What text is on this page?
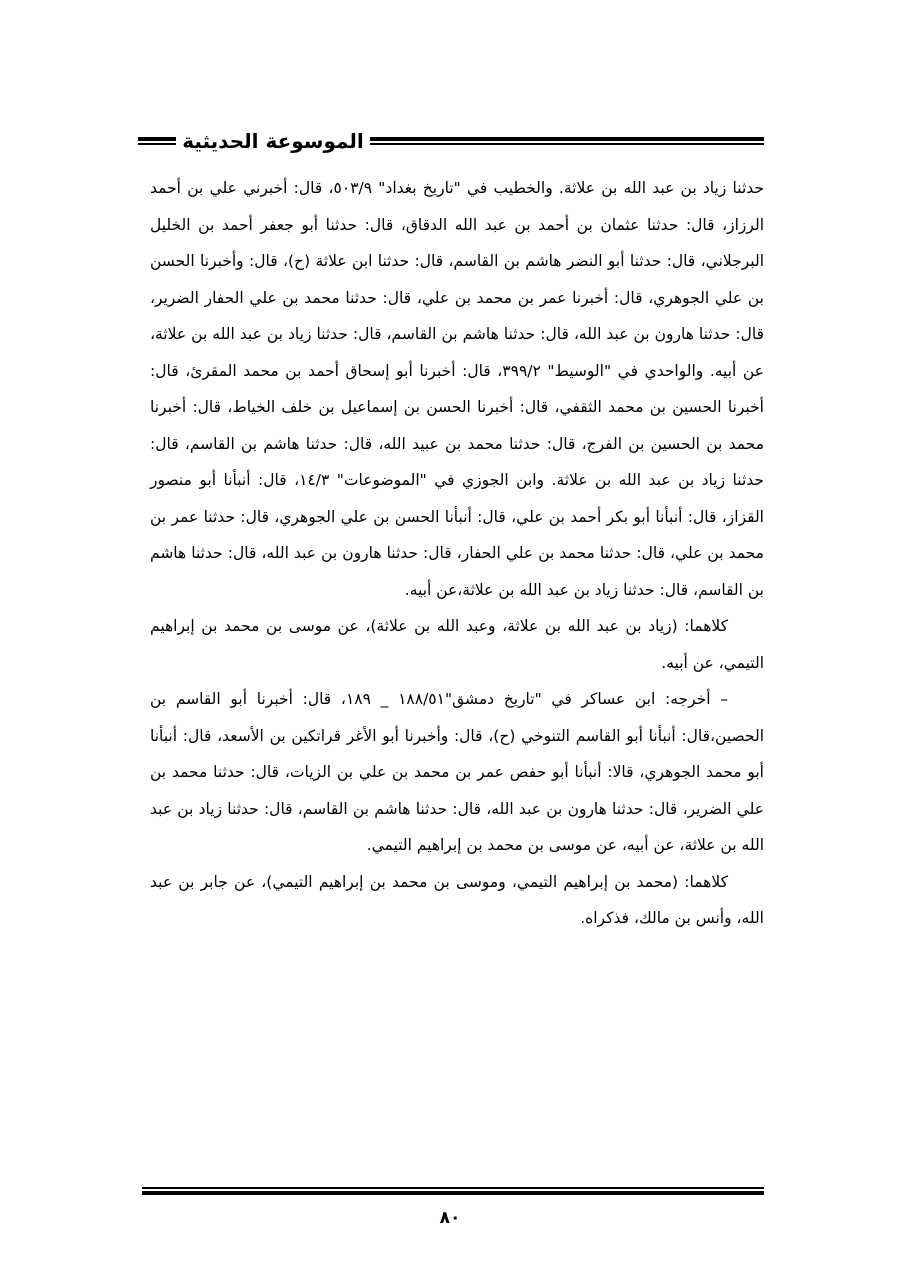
الموسوعة الحديثية

حدثنا زياد بن عبد الله بن علاثة. والخطيب في "تاريخ بغداد" ٥٠٣/٩، قال: أخبرني علي بن أحمد الرزاز، قال: حدثنا عثمان بن أحمد بن عبد الله الدقاق، قال: حدثنا أبو جعفر أحمد بن الخليل البرجلاني، قال: حدثنا أبو النضر هاشم بن القاسم، قال: حدثنا ابن علاثة (ح)، قال: وأخبرنا الحسن بن علي الجوهري، قال: أخبرنا عمر بن محمد بن علي، قال: حدثنا محمد بن علي الحفار الضرير، قال: حدثنا هارون بن عبد الله، قال: حدثنا هاشم بن القاسم، قال: حدثنا زياد بن عبد الله بن علاثة، عن أبيه. والواحدي في "الوسيط" ٣٩٩/٢، قال: أخبرنا أبو إسحاق أحمد بن محمد المقرئ، قال: أخبرنا الحسين بن محمد الثقفي، قال: أخبرنا الحسن بن إسماعيل بن خلف الخياط، قال: أخبرنا محمد بن الحسين بن الفرج، قال: حدثنا محمد بن عبيد الله، قال: حدثنا هاشم بن القاسم، قال: حدثنا زياد بن عبد الله بن علاثة. وابن الجوزي في "الموضوعات" ١٤/٣، قال: أنبأنا أبو منصور القزاز، قال: أنبأنا أبو بكر أحمد بن علي، قال: أنبأنا الحسن بن علي الجوهري، قال: حدثنا عمر بن محمد بن علي، قال: حدثنا محمد بن علي الحفار، قال: حدثنا هارون بن عبد الله، قال: حدثنا هاشم بن القاسم، قال: حدثنا زياد بن عبد الله بن علاثة،عن أبيه.

كلاهما: (زياد بن عبد الله بن علاثة، وعبد الله بن علاثة)، عن موسى بن محمد بن إبراهيم التيمي، عن أبيه.

– أخرجه: ابن عساكر في "تاريخ دمشق"١٨٨/٥١ _ ١٨٩، قال: أخبرنا أبو القاسم بن الحصين،قال: أنبأنا أبو القاسم التنوخي (ح)، قال: وأخبرنا أبو الأغر قراتكين بن الأسعد، قال: أنبأنا أبو محمد الجوهري، قالا: أنبأنا أبو حفص عمر بن محمد بن علي بن الزيات، قال: حدثنا محمد بن علي الضرير، قال: حدثنا هارون بن عبد الله، قال: حدثنا هاشم بن القاسم، قال: حدثنا زياد بن عبد الله بن علاثة، عن أبيه، عن موسى بن محمد بن إبراهيم التيمي.

كلاهما: (محمد بن إبراهيم التيمي، وموسى بن محمد بن إبراهيم التيمي)، عن جابر بن عبد الله، وأنس بن مالك، فذكراه.

٨٠
